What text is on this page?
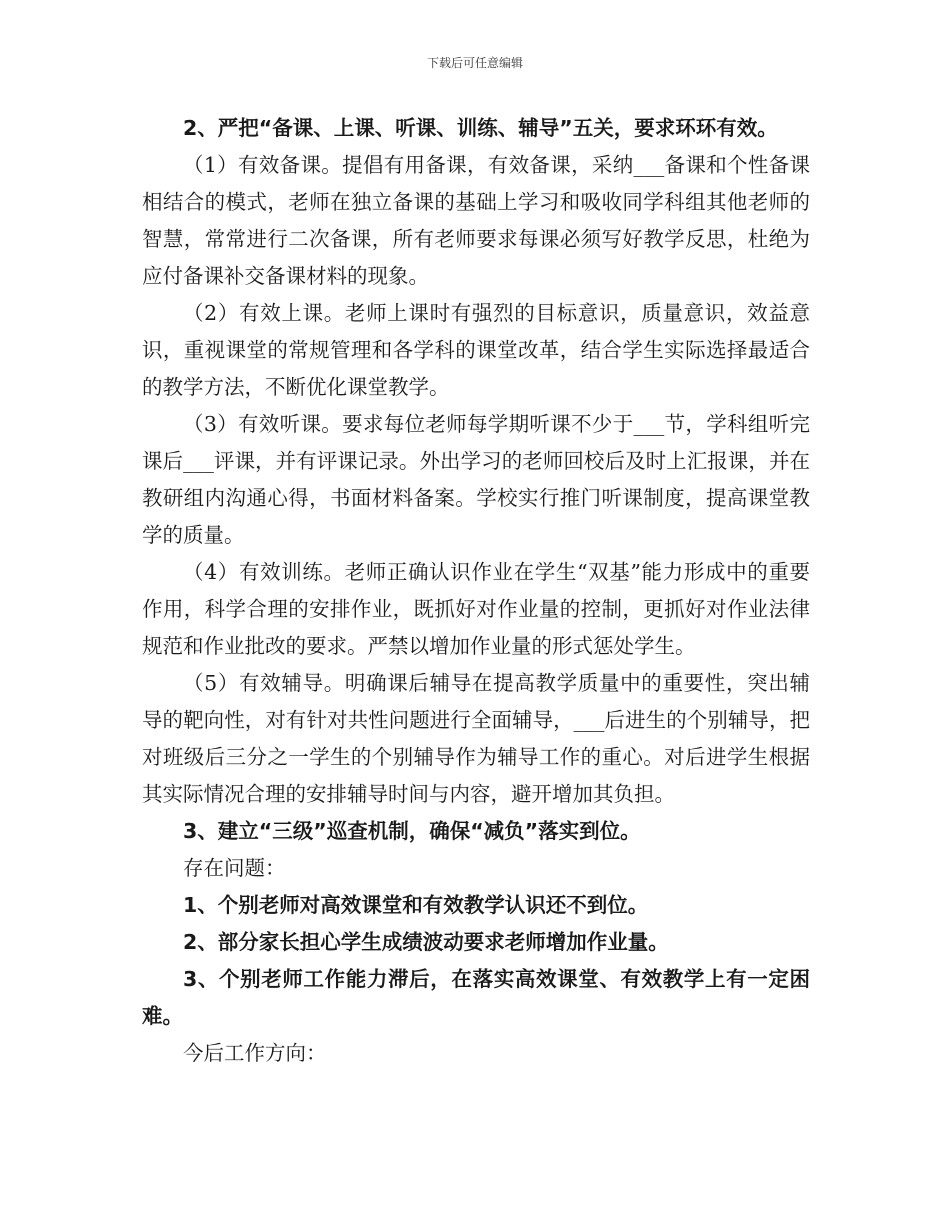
下载后可任意编辑

2、严把“备课、上课、听课、训练、辅导”五关，要求环环有效。

（1）有效备课。提倡有用备课，有效备课，采纳___备课和个性备课相结合的模式，老师在独立备课的基础上学习和吸收同学科组其他老师的智慧，常常进行二次备课，所有老师要求每课必须写好教学反思，杜绝为应付备课补交备课材料的现象。

（2）有效上课。老师上课时有强烈的目标意识，质量意识，效益意识，重视课堂的常规管理和各学科的课堂改革，结合学生实际选择最适合的教学方法，不断优化课堂教学。

（3）有效听课。要求每位老师每学期听课不少于___节，学科组听完课后___评课，并有评课记录。外出学习的老师回校后及时上汇报课，并在教研组内沟通心得，书面材料备案。学校实行推门听课制度，提高课堂教学的质量。

（4）有效训练。老师正确认识作业在学生“双基”能力形成中的重要作用，科学合理的安排作业，既抓好对作业量的控制，更抓好对作业法律规范和作业批改的要求。严禁以增加作业量的形式惩处学生。

（5）有效辅导。明确课后辅导在提高教学质量中的重要性，突出辅导的靶向性，对有针对共性问题进行全面辅导，___后进生的个别辅导，把对班级后三分之一学生的个别辅导作为辅导工作的重心。对后进学生根据其实际情况合理的安排辅导时间与内容，避开增加其负担。

3、建立“三级”巡查机制，确保“减负”落实到位。

存在问题：

1、个别老师对高效课堂和有效教学认识还不到位。

2、部分家长担心学生成绩波动要求老师增加作业量。

3、个别老师工作能力滞后，在落实高效课堂、有效教学上有一定困难。

今后工作方向：
